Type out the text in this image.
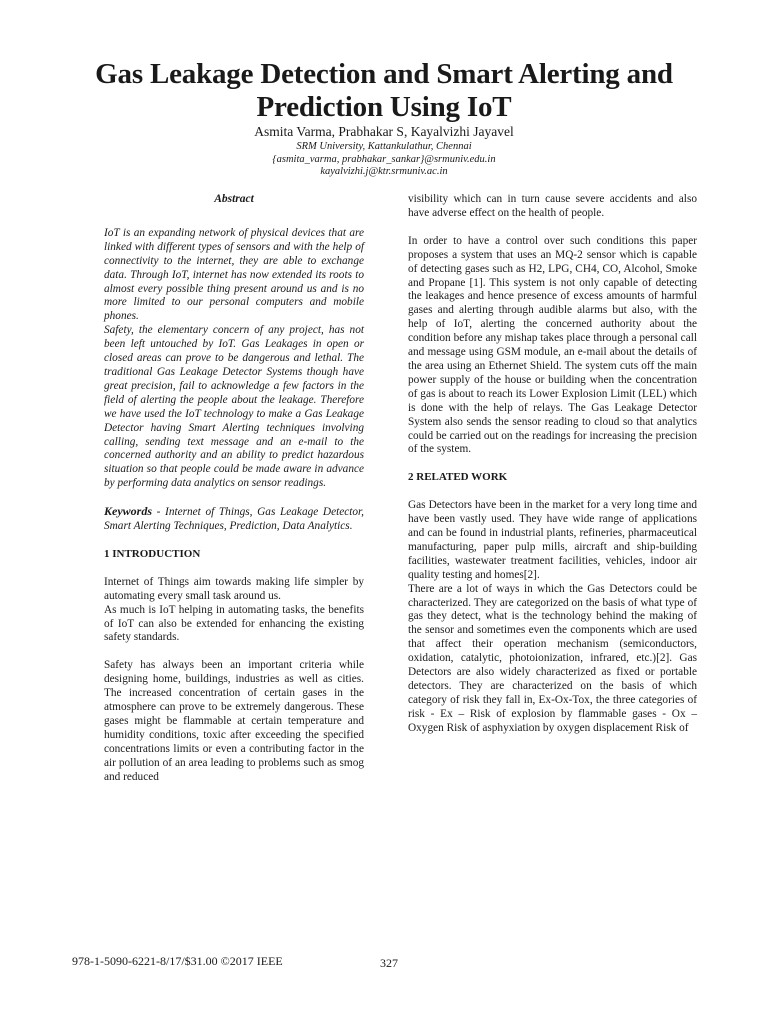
Gas Leakage Detection and Smart Alerting and Prediction Using IoT
Asmita Varma, Prabhakar S, Kayalvizhi Jayavel
SRM University, Kattankulathur, Chennai
{asmita_varma, prabhakar_sankar}@srmuniv.edu.in
kayalvizhi.j@ktr.srmuniv.ac.in
Abstract

IoT is an expanding network of physical devices that are linked with different types of sensors and with the help of connectivity to the internet, they are able to exchange data. Through IoT, internet has now extended its roots to almost every possible thing present around us and is no more limited to our personal computers and mobile phones.

Safety, the elementary concern of any project, has not been left untouched by IoT. Gas Leakages in open or closed areas can prove to be dangerous and lethal. The traditional Gas Leakage Detector Systems though have great precision, fail to acknowledge a few factors in the field of alerting the people about the leakage. Therefore we have used the IoT technology to make a Gas Leakage Detector having Smart Alerting techniques involving calling, sending text message and an e-mail to the concerned authority and an ability to predict hazardous situation so that people could be made aware in advance by performing data analytics on sensor readings.

Keywords - Internet of Things, Gas Leakage Detector, Smart Alerting Techniques, Prediction, Data Analytics.

1 INTRODUCTION

Internet of Things aim towards making life simpler by automating every small task around us.

As much is IoT helping in automating tasks, the benefits of IoT can also be extended for enhancing the existing safety standards.

Safety has always been an important criteria while designing home, buildings, industries as well as cities. The increased concentration of certain gases in the atmosphere can prove to be extremely dangerous. These gases might be flammable at certain temperature and humidity conditions, toxic after exceeding the specified concentrations limits or even a contributing factor in the air pollution of an area leading to problems such as smog and reduced

visibility which can in turn cause severe accidents and also have adverse effect on the health of people.

In order to have a control over such conditions this paper proposes a system that uses an MQ-2 sensor which is capable of detecting gases such as H2, LPG, CH4, CO, Alcohol, Smoke and Propane [1]. This system is not only capable of detecting the leakages and hence presence of excess amounts of harmful gases and alerting through audible alarms but also, with the help of IoT, alerting the concerned authority about the condition before any mishap takes place through a personal call and message using GSM module, an e-mail about the details of the area using an Ethernet Shield. The system cuts off the main power supply of the house or building when the concentration of gas is about to reach its Lower Explosion Limit (LEL) which is done with the help of relays. The Gas Leakage Detector System also sends the sensor reading to cloud so that analytics could be carried out on the readings for increasing the precision of the system.

2 RELATED WORK

Gas Detectors have been in the market for a very long time and have been vastly used. They have wide range of applications and can be found in industrial plants, refineries, pharmaceutical manufacturing, paper pulp mills, aircraft and ship-building facilities, wastewater treatment facilities, vehicles, indoor air quality testing and homes[2].

There are a lot of ways in which the Gas Detectors could be characterized. They are categorized on the basis of what type of gas they detect, what is the technology behind the making of the sensor and sometimes even the components which are used that affect their operation mechanism (semiconductors, oxidation, catalytic, photoionization, infrared, etc.)[2]. Gas Detectors are also widely characterized as fixed or portable detectors. They are characterized on the basis of which category of risk they fall in, Ex-Ox-Tox, the three categories of risk - Ex – Risk of explosion by flammable gases - Ox – Oxygen Risk of asphyxiation by oxygen displacement Risk of

978-1-5090-6221-8/17/$31.00 ©2017 IEEE	327
